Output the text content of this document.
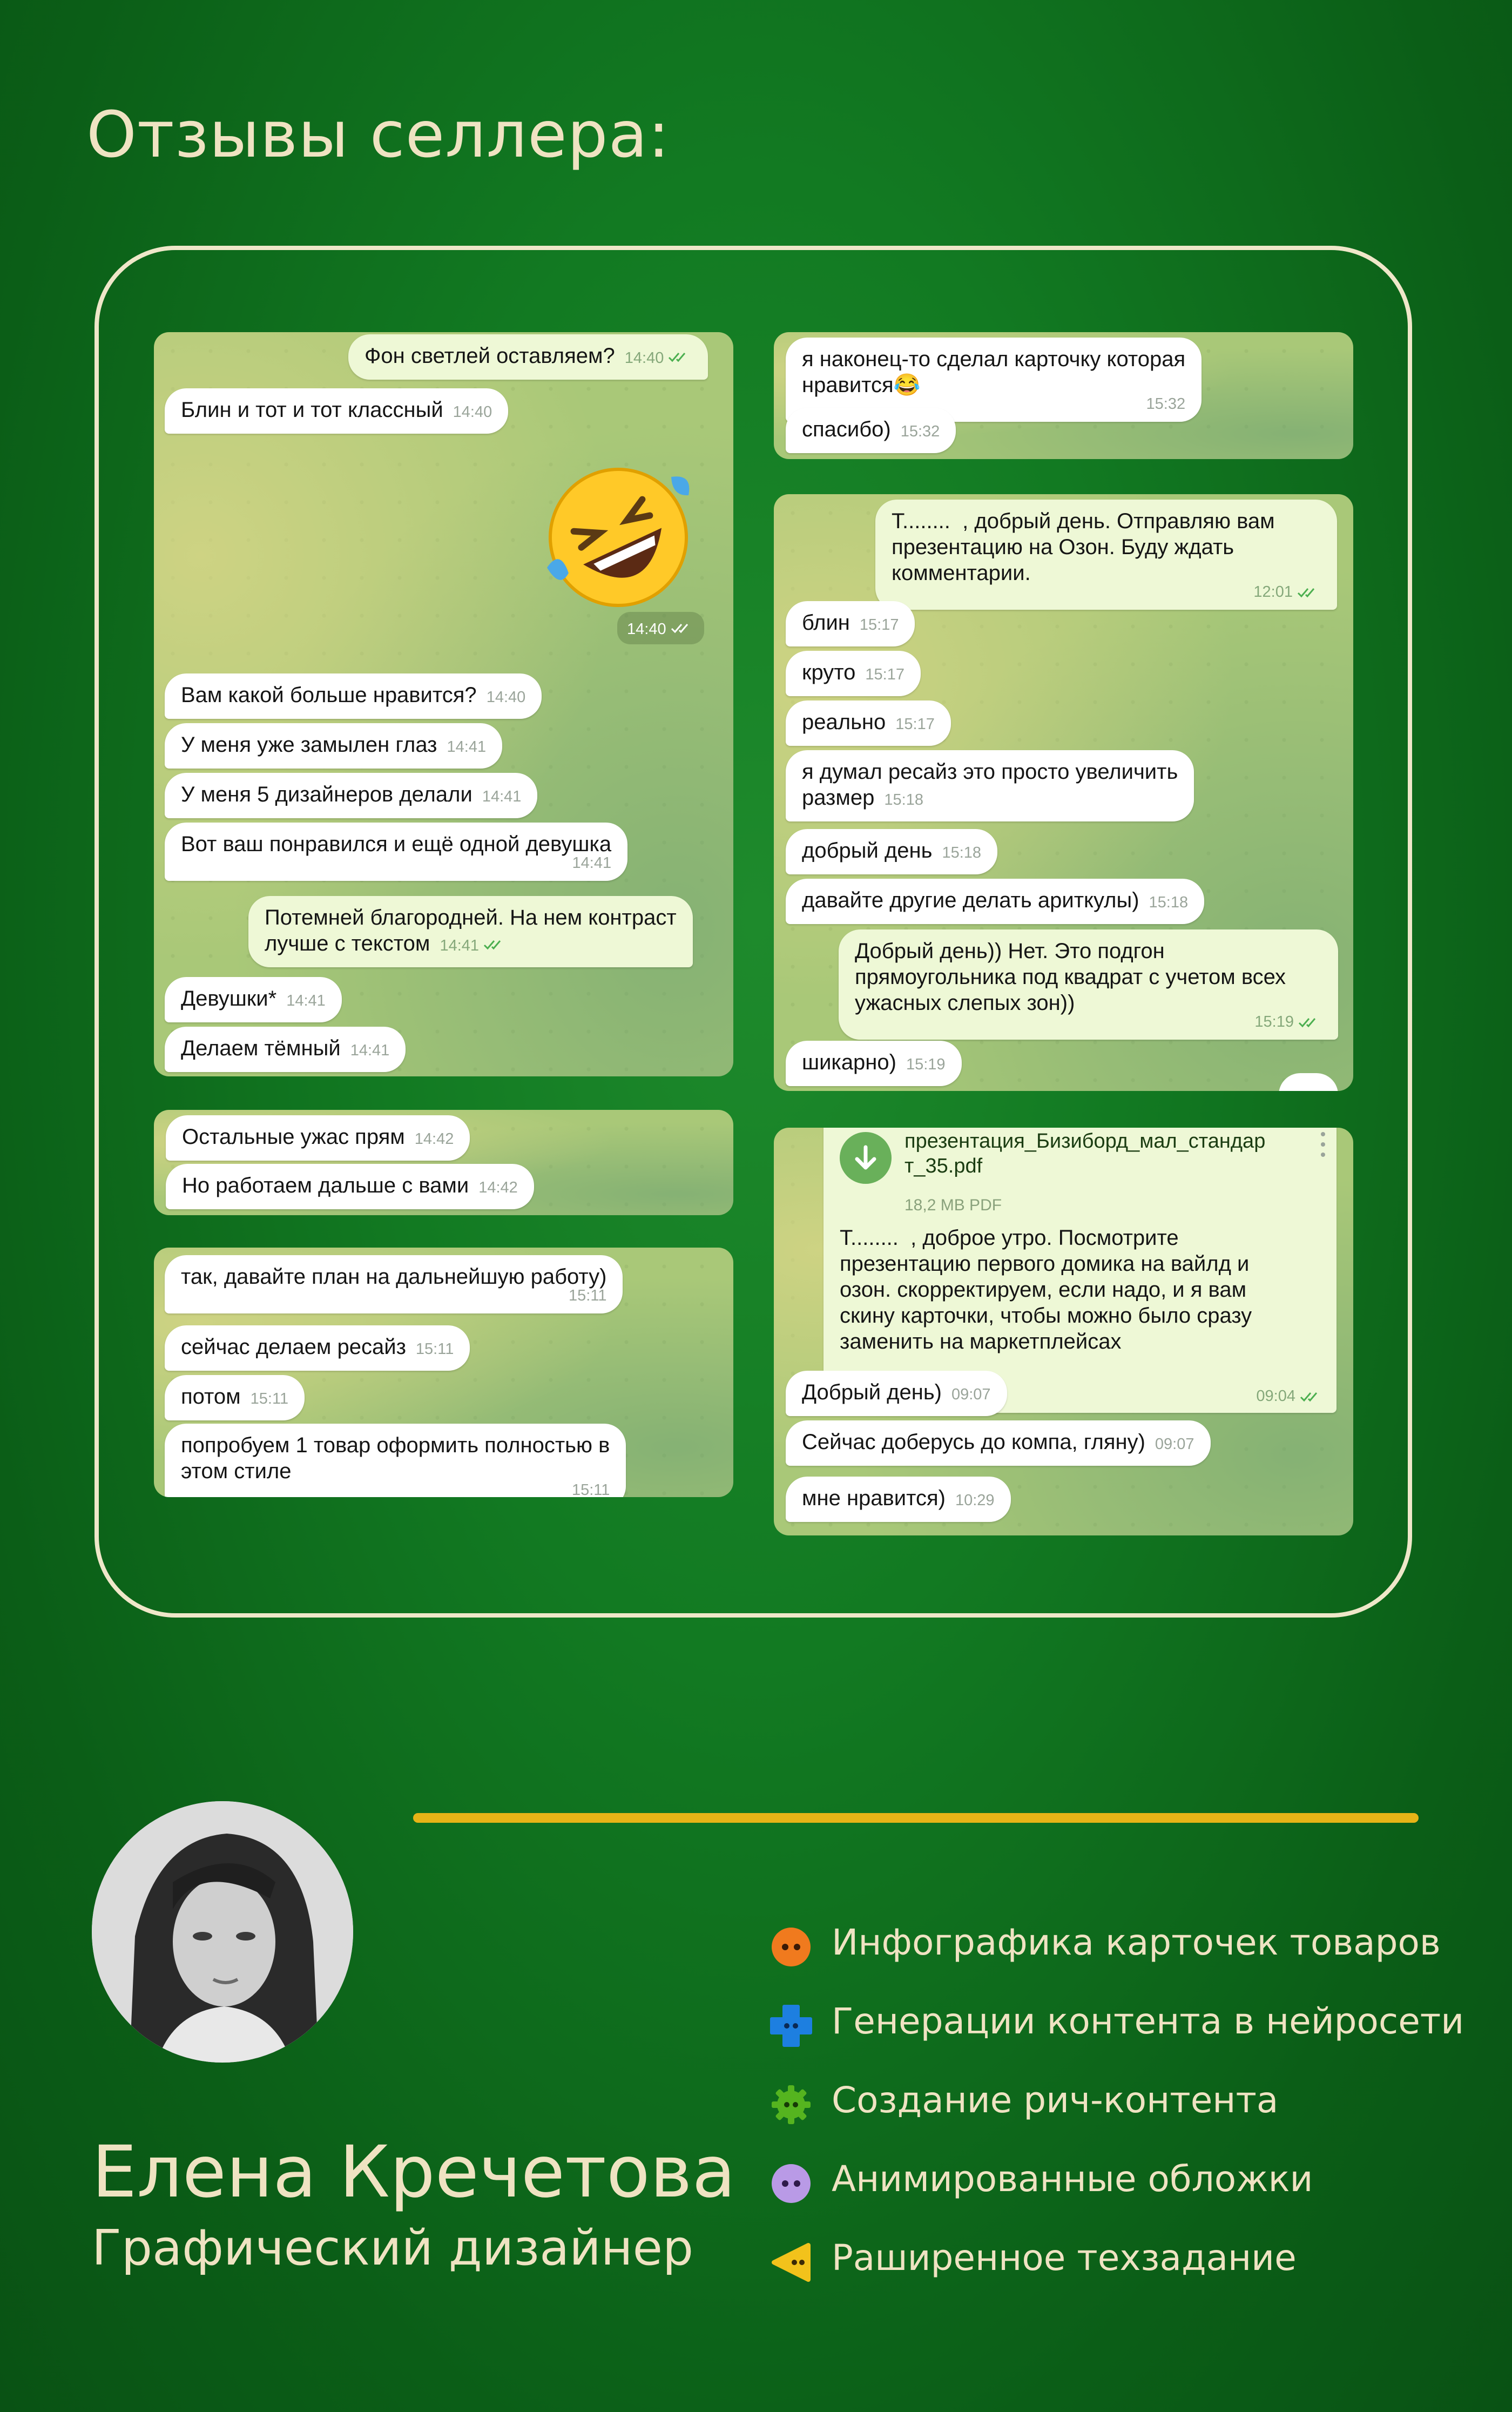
Отзывы селлера:
Фон светлей оставляем? 14:40
Блин и тот и тот классный 14:40
14:40
Вам какой больше нравится? 14:40
У меня уже замылен глаз 14:41
У меня 5 дизайнеров делали 14:41
Вот ваш понравился и ещё одной девушка
14:41
Потемней благородней. На нем контраст
лучше с текстом 14:41
Девушки* 14:41
Делаем тёмный 14:41
Остальные ужас прям 14:42
Но работаем дальше с вами 14:42
так, давайте план на дальнейшую работу)
15:11
сейчас делаем ресайз 15:11
потом 15:11
попробуем 1 товар оформить полностью в
этом стиле
15:11
я наконец-то сделал карточку которая
нравится😂
15:32
спасибо) 15:32
Т........  , добрый день. Отправляю вам
презентацию на Озон. Буду ждать
комментарии.
12:01
блин 15:17
круто 15:17
реально 15:17
я думал ресайз это просто увеличить
размер 15:18
добрый день 15:18
давайте другие делать ариткулы) 15:18
Добрый день)) Нет. Это подгон
прямоугольника под квадрат с учетом всех
ужасных слепых зон))
15:19
шикарно) 15:19
презентация_Бизиборд_мал_стандар
т_35.pdf
18,2 MB PDF
Т........  , доброе утро. Посмотрите
презентацию первого домика на вайлд и
озон. скорректируем, если надо, и я вам
скину карточки, чтобы можно было сразу
заменить на маркетплейсах
09:04
Добрый день) 09:07
Сейчас доберусь до компа, гляну) 09:07
мне нравится) 10:29
Елена Кречетова

Графический дизайнер

Инфографика карточек товаров
Генерации контента в нейросети
Создание рич-контента
Анимированные обложки
Раширенное техзадание
